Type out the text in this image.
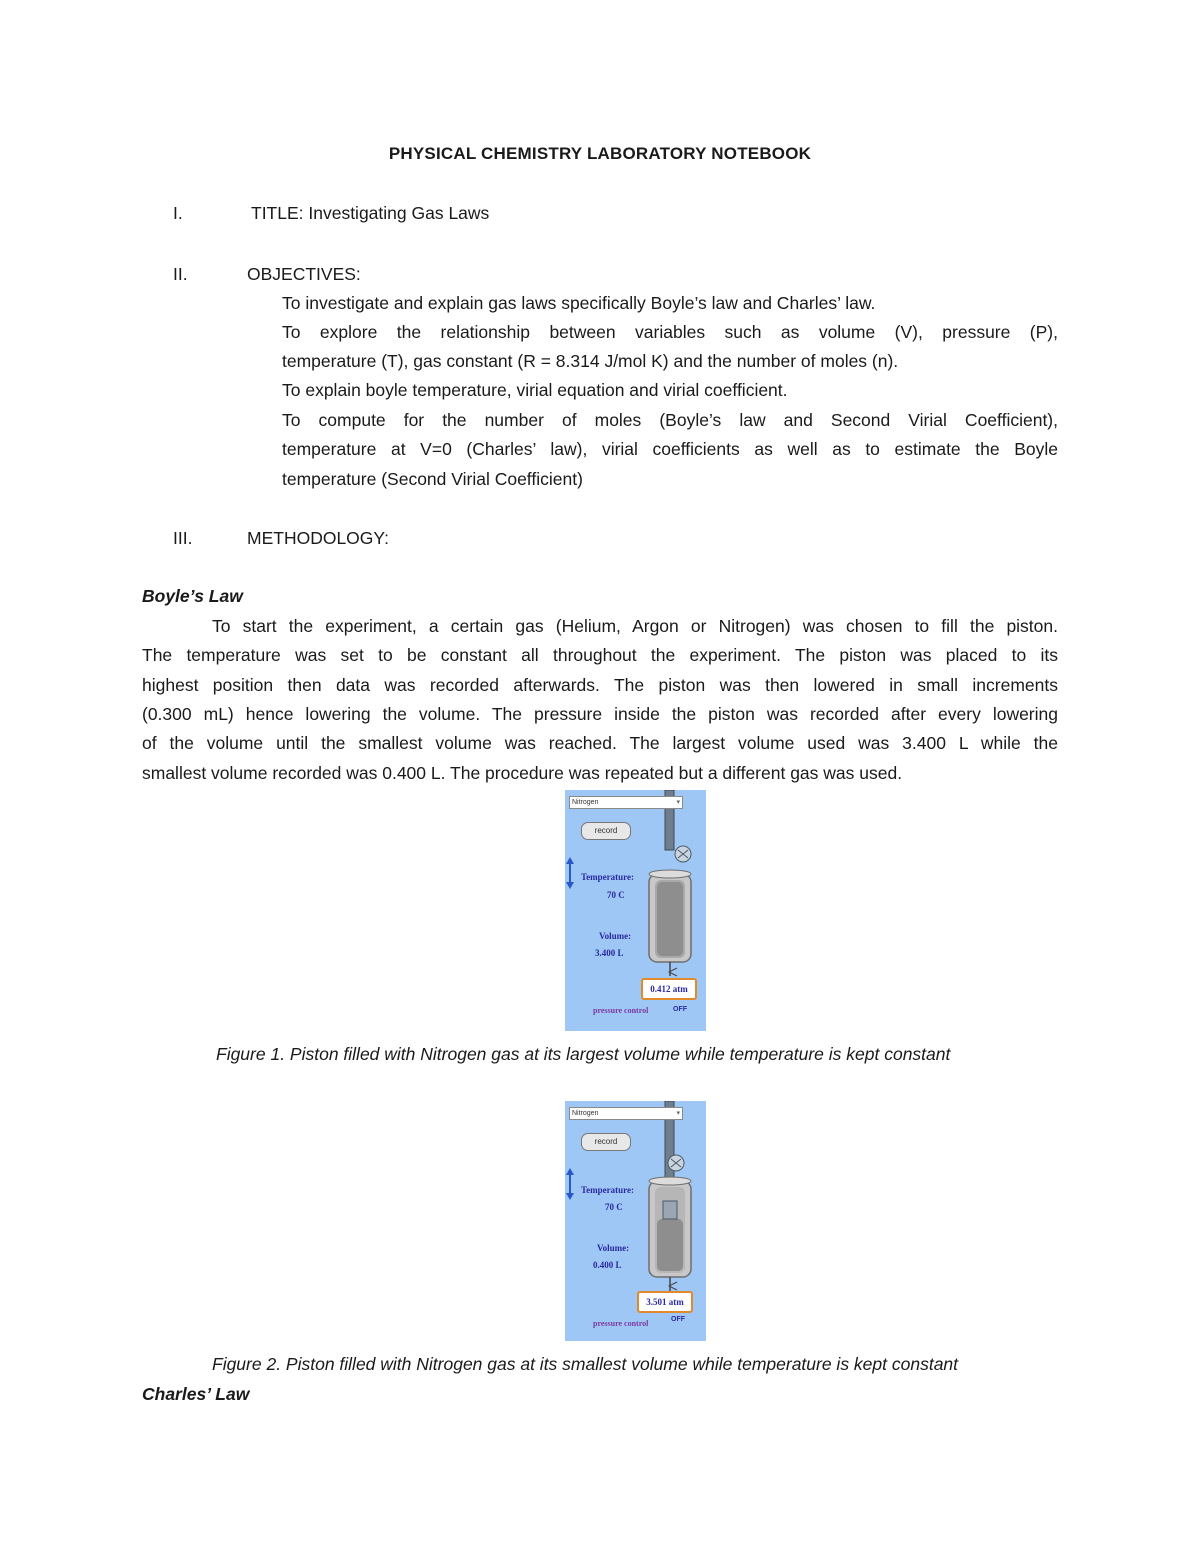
PHYSICAL CHEMISTRY LABORATORY NOTEBOOK
I.	TITLE: Investigating Gas Laws
II.	OBJECTIVES:
To investigate and explain gas laws specifically Boyle’s law and Charles’ law.
To explore the relationship between variables such as volume (V), pressure (P),
temperature (T), gas constant (R = 8.314 J/mol K) and the number of moles (n).
To explain boyle temperature, virial equation and virial coefficient.
To compute for the number of moles (Boyle’s law and Second Virial Coefficient),
temperature at V=0 (Charles’ law), virial coefficients as well as to estimate the Boyle
temperature (Second Virial Coefficient)
III.	METHODOLOGY:
Boyle’s Law
To start the experiment, a certain gas (Helium, Argon or Nitrogen) was chosen to fill the piston.
The temperature was set to be constant all throughout the experiment. The piston was placed to its
highest position then data was recorded afterwards. The piston was then lowered in small increments
(0.300 mL) hence lowering the volume. The pressure inside the piston was recorded after every lowering
of the volume until the smallest volume was reached. The largest volume used was 3.400 L while the
smallest volume recorded was 0.400 L. The procedure was repeated but a different gas was used.
Nitrogen	▾
record
Temperature:
70 C
Volume:
3.400 L
0.412 atm
pressure control	OFF
Figure 1. Piston filled with Nitrogen gas at its largest volume while temperature is kept constant
Nitrogen	▾
record
Temperature:
70 C
Volume:
0.400 L
3.501 atm
pressure control	OFF
Figure 2. Piston filled with Nitrogen gas at its smallest volume while temperature is kept constant
Charles’ Law
